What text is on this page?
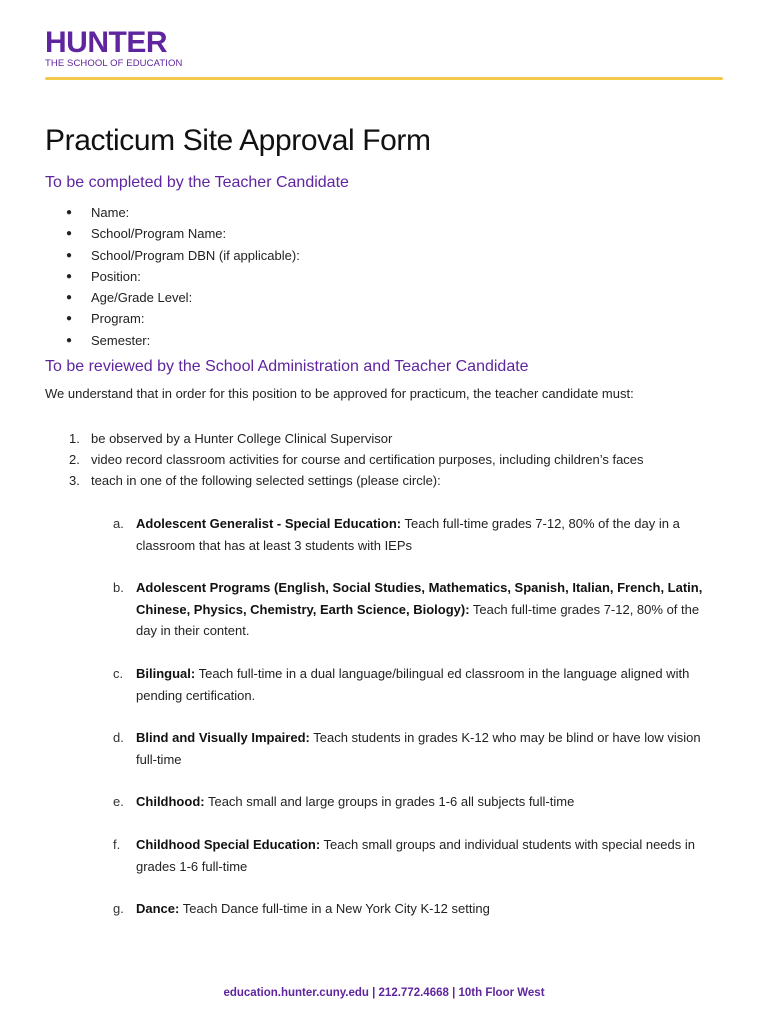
HUNTER
THE SCHOOL OF EDUCATION
Practicum Site Approval Form
To be completed by the Teacher Candidate
● Name:
● School/Program Name:
● School/Program DBN (if applicable):
● Position:
● Age/Grade Level:
● Program:
● Semester:
To be reviewed by the School Administration and Teacher Candidate

We understand that in order for this position to be approved for practicum, the teacher candidate must:

1. be observed by a Hunter College Clinical Supervisor
2. video record classroom activities for course and certification purposes, including children’s faces
3. teach in one of the following selected settings (please circle):
a. Adolescent Generalist - Special Education: Teach full-time grades 7-12, 80% of the day in a classroom that has at least 3 students with IEPs
b. Adolescent Programs (English, Social Studies, Mathematics, Spanish, Italian, French, Latin, Chinese, Physics, Chemistry, Earth Science, Biology): Teach full-time grades 7-12, 80% of the day in their content.
c. Bilingual: Teach full-time in a dual language/bilingual ed classroom in the language aligned with pending certification.
d. Blind and Visually Impaired: Teach students in grades K-12 who may be blind or have low vision full-time
e. Childhood: Teach small and large groups in grades 1-6 all subjects full-time
f. Childhood Special Education: Teach small groups and individual students with special needs in grades 1-6 full-time
g. Dance: Teach Dance full-time in a New York City K-12 setting
education.hunter.cuny.edu | 212.772.4668 | 10th Floor West
